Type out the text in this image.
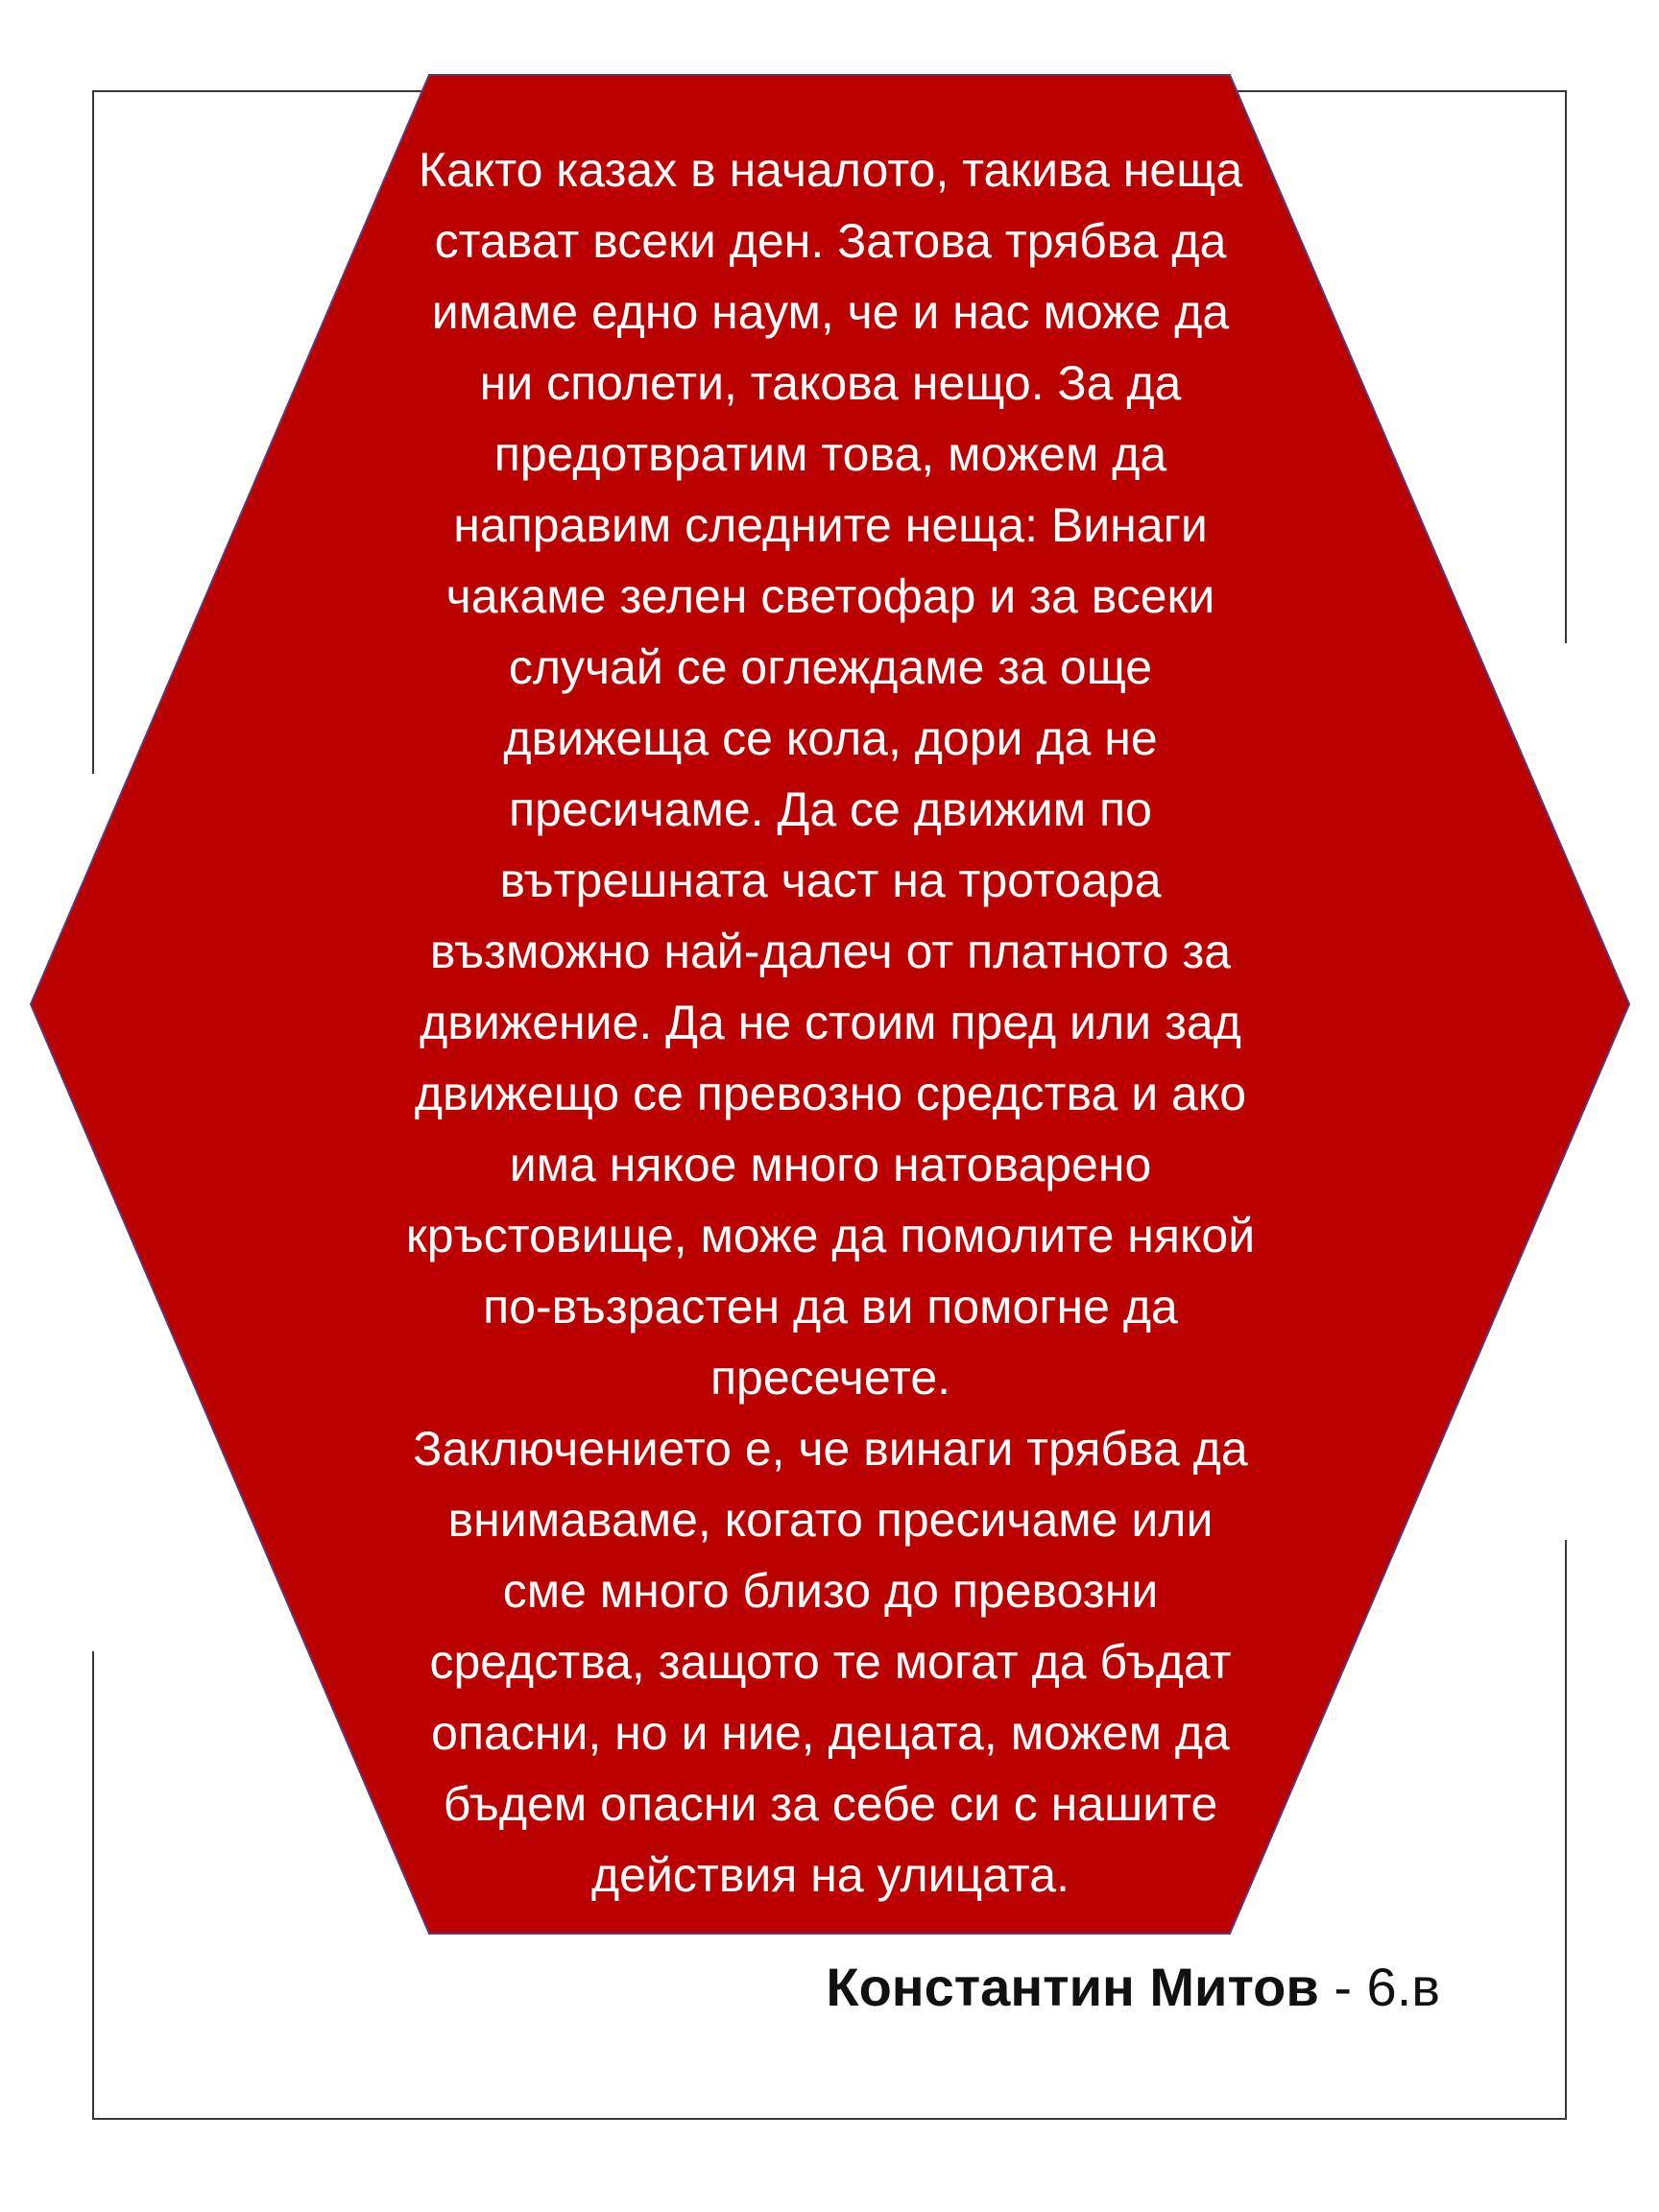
Както казах в началото, такива неща
стават всеки ден. Затова трябва да
имаме едно наум, че и нас може да
ни сполети, такова нещо. За да
предотвратим това, можем да
направим следните неща: Винаги
чакаме зелен светофар и за всеки
случай се оглеждаме за още
движеща се кола, дори да не
пресичаме. Да се движим по
вътрешната част на тротоара
възможно най-далеч от платното за
движение. Да не стоим пред или зад
движещо се превозно средства и ако
има някое много натоварено
кръстовище, може да помолите някой
по-възрастен да ви помогне да
пресечете.
Заключението е, че винаги трябва да
внимаваме, когато пресичаме или
сме много близо до превозни
средства, защото те могат да бъдат
опасни, но и ние, децата, можем да
бъдем опасни за себе си с нашите
действия на улицата.

Константин Митов - 6.в
